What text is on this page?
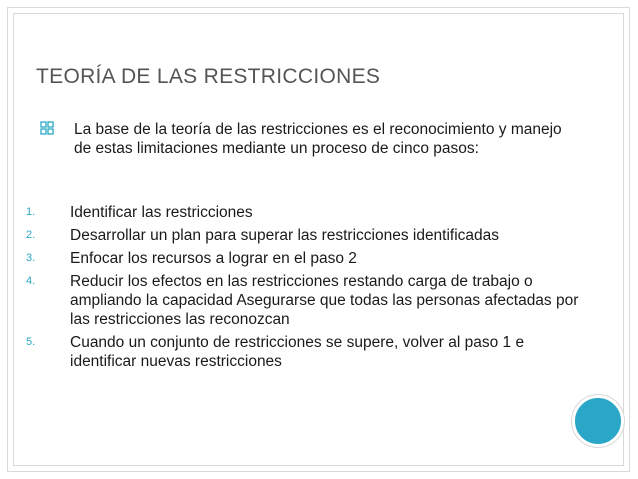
TEORÍA DE LAS RESTRICCIONES
La base de la teoría de las restricciones es el reconocimiento y manejo de estas limitaciones mediante un proceso de cinco pasos:
1.	Identificar las restricciones
2.	Desarrollar un plan para superar las restricciones identificadas
3.	Enfocar los recursos a lograr en el paso 2
4.	Reducir los efectos en las restricciones restando carga de trabajo o ampliando la capacidad Asegurarse que todas las personas afectadas por las restricciones las reconozcan
5.	Cuando un conjunto de restricciones se supere, volver al paso 1 e identificar nuevas restricciones
